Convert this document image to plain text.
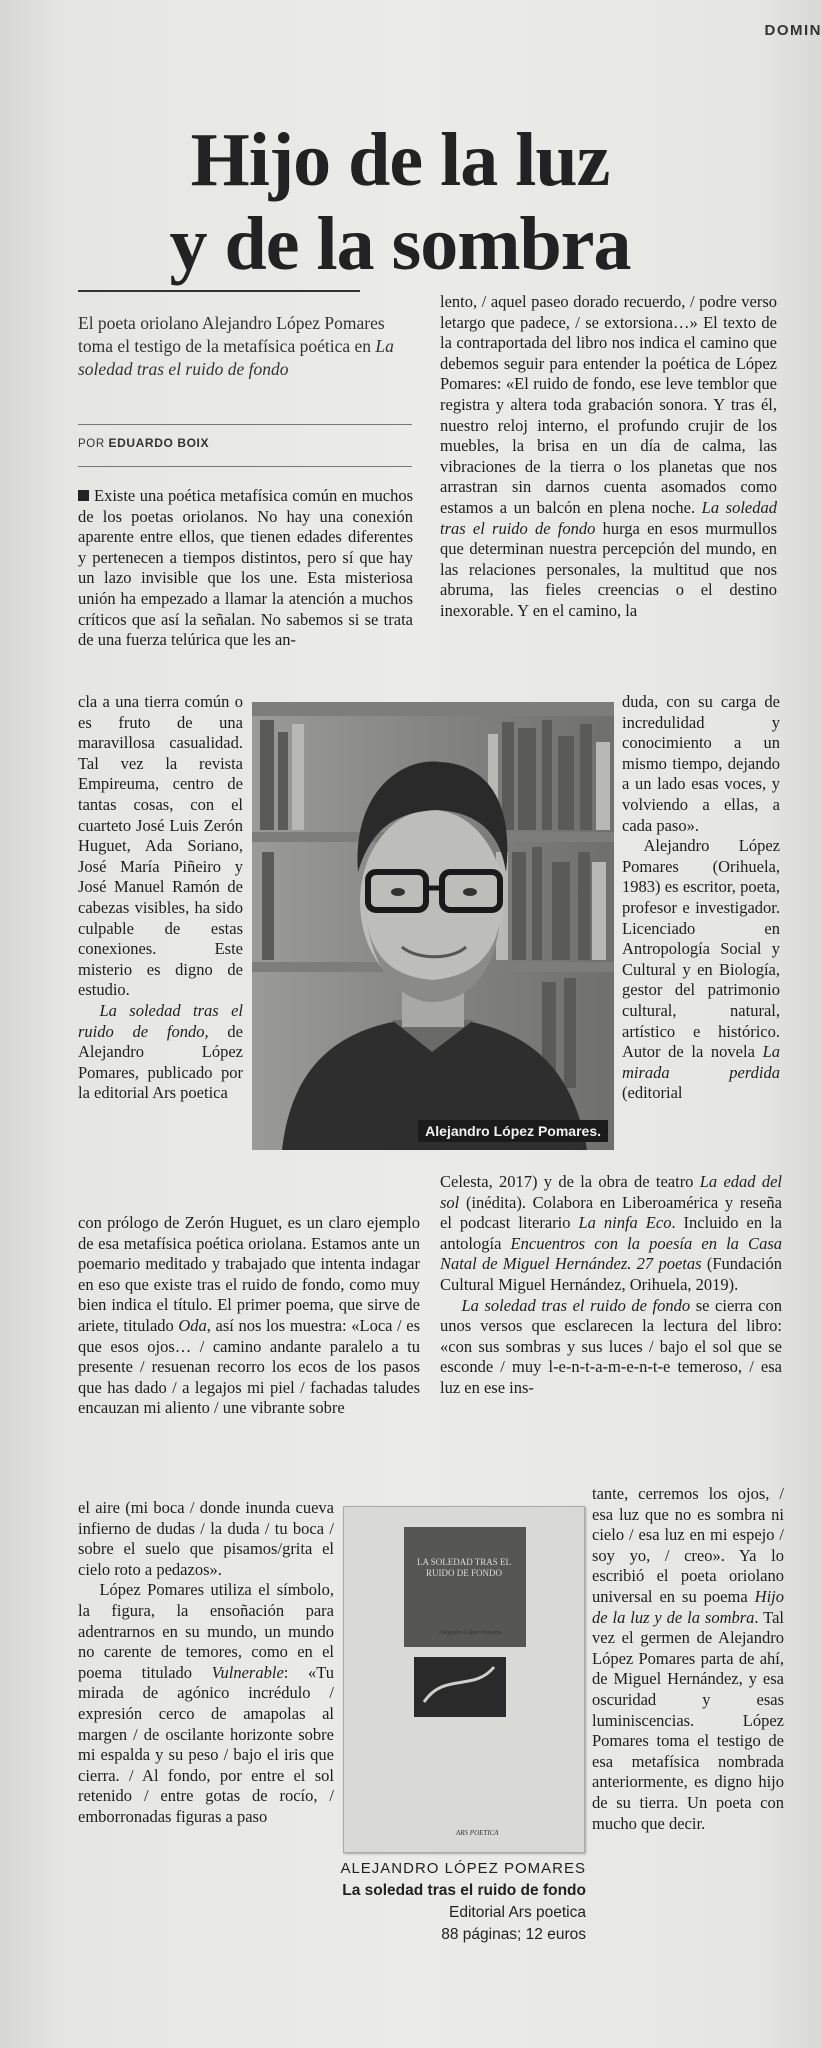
DOMIN
Hijo de la luz
y de la sombra
El poeta oriolano Alejandro López Pomares toma el testigo de la metafísica poética en La soledad tras el ruido de fondo
POR EDUARDO BOIX

Existe una poética metafísica común en muchos de los poetas oriolanos. No hay una conexión aparente entre ellos, que tienen edades diferentes y pertenecen a tiempos distintos, pero sí que hay un lazo invisible que los une. Esta misteriosa unión ha empezado a llamar la atención a muchos críticos que así la señalan. No sabemos si se trata de una fuerza telúrica que les an-

cla a una tierra común o es fruto de una maravillosa casualidad. Tal vez la revista Empireuma, centro de tantas cosas, con el cuarteto José Luis Zerón Huguet, Ada Soriano, José María Piñeiro y José Manuel Ramón de cabezas visibles, ha sido culpable de estas conexiones. Este misterio es digno de estudio.

La soledad tras el ruido de fondo, de Alejandro López Pomares, publicado por la editorial Ars poetica

con prólogo de Zerón Huguet, es un claro ejemplo de esa metafísica poética oriolana. Estamos ante un poemario meditado y trabajado que intenta indagar en eso que existe tras el ruido de fondo, como muy bien indica el título. El primer poema, que sirve de ariete, titulado Oda, así nos los muestra: «Loca / es que esos ojos… / camino andante paralelo a tu presente / resuenan recorro los ecos de los pasos que has dado / a legajos mi piel / fachadas taludes encauzan mi aliento / une vibrante sobre

el aire (mi boca / donde inunda cueva infierno de dudas / la duda / tu boca / sobre el suelo que pisamos/grita el cielo roto a pedazos».

López Pomares utiliza el símbolo, la figura, la ensoñación para adentrarnos en su mundo, un mundo no carente de temores, como en el poema titulado Vulnerable: «Tu mirada de agónico incrédulo / expresión cerco de amapolas al margen / de oscilante horizonte sobre mi espalda y su peso / bajo el iris que cierra. / Al fondo, por entre el sol retenido / entre gotas de rocío, / emborronadas figuras a paso

lento, / aquel paseo dorado recuerdo, / podre verso letargo que padece, / se extorsiona…» El texto de la contraportada del libro nos indica el camino que debemos seguir para entender la poética de López Pomares: «El ruido de fondo, ese leve temblor que registra y altera toda grabación sonora. Y tras él, nuestro reloj interno, el profundo crujir de los muebles, la brisa en un día de calma, las vibraciones de la tierra o los planetas que nos arrastran sin darnos cuenta asomados como estamos a un balcón en plena noche. La soledad tras el ruido de fondo hurga en esos murmullos que determinan nuestra percepción del mundo, en las relaciones personales, la multitud que nos abruma, las fieles creencias o el destino inexorable. Y en el camino, la

duda, con su carga de incredulidad y conocimiento a un mismo tiempo, dejando a un lado esas voces, y volviendo a ellas, a cada paso».

Alejandro López Pomares (Orihuela, 1983) es escritor, poeta, profesor e investigador. Licenciado en Antropología Social y Cultural y en Biología, gestor del patrimonio cultural, natural, artístico e histórico. Autor de la novela La mirada perdida (editorial

Celesta, 2017) y de la obra de teatro La edad del sol (inédita). Colabora en Liberoamérica y reseña el podcast literario La ninfa Eco. Incluido en la antología Encuentros con la poesía en la Casa Natal de Miguel Hernández. 27 poetas (Fundación Cultural Miguel Hernández, Orihuela, 2019).

La soledad tras el ruido de fondo se cierra con unos versos que esclarecen la lectura del libro: «con sus sombras y sus luces / bajo el sol que se esconde / muy l-e-n-t-a-m-e-n-t-e temeroso, / esa luz en ese ins-

tante, cerremos los ojos, / esa luz que no es sombra ni cielo / esa luz en mi espejo / soy yo, / creo». Ya lo escribió el poeta oriolano universal en su poema Hijo de la luz y de la sombra. Tal vez el germen de Alejandro López Pomares parta de ahí, de Miguel Hernández, y esa oscuridad y esas luminiscencias. López Pomares toma el testigo de esa metafísica nombrada anteriormente, es digno hijo de su tierra. Un poeta con mucho que decir.

Alejandro López Pomares.
LA SOLEDAD TRAS EL RUIDO DE FONDO
Alejandro López Pomares
ARS POETICA
ALEJANDRO LÓPEZ POMARES
La soledad tras el ruido de fondo
Editorial Ars poetica
88 páginas; 12 euros
